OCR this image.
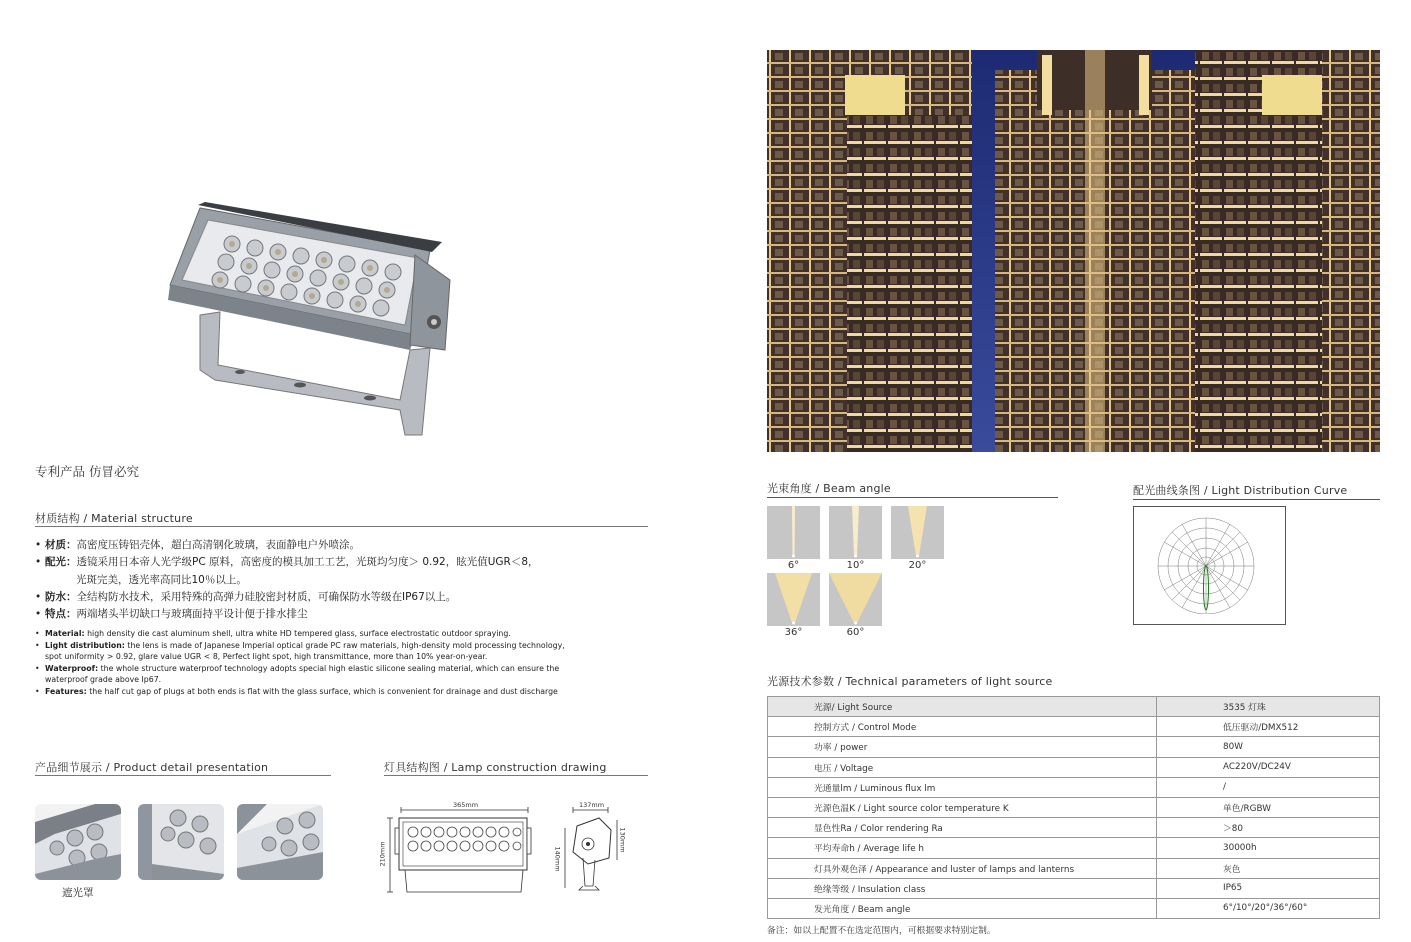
专利产品 仿冒必究
材质结构 / Material structure
• 材质：高密度压铸铝壳体，超白高清钢化玻璃，表面静电户外喷涂。
• 配光：透镜采用日本帝人光学级PC 原料，高密度的模具加工工艺，光斑均匀度＞ 0.92，眩光值UGR＜8，
光斑完美，透光率高同比10％以上。
• 防水：全结构防水技术，采用特殊的高弹力硅胶密封材质，可确保防水等级在IP67以上。
• 特点：两端堵头半切缺口与玻璃面持平设计便于排水排尘
• Material: high density die cast aluminum shell, ultra white HD tempered glass, surface electrostatic outdoor spraying.
• Light distribution: the lens is made of Japanese Imperial optical grade PC raw materials, high-density mold processing technology,
spot uniformity > 0.92, glare value UGR < 8, Perfect light spot, high transmittance, more than 10% year-on-year.
• Waterproof: the whole structure waterproof technology adopts special high elastic silicone sealing material, which can ensure the
waterproof grade above Ip67.
• Features: the half cut gap of plugs at both ends is flat with the glass surface, which is convenient for drainage and dust discharge
产品细节展示 / Product detail presentation
遮光罩
灯具结构图 / Lamp construction drawing
365mm
210mm
137mm
140mm
130mm
光束角度 / Beam angle
6°	10°	20°
36°	60°
配光曲线条图 / Light Distribution Curve
光源技术参数 / Technical parameters of light source
光源/ Light Source	3535 灯珠
控制方式 / Control Mode	低压驱动/DMX512
功率 / power	80W
电压 / Voltage	AC220V/DC24V
光通量lm / Luminous flux lm	/
光源色温K / Light source color temperature K	单色/RGBW
显色性Ra / Color rendering Ra	＞80
平均寿命h / Average life h	30000h
灯具外观色泽 / Appearance and luster of lamps and lanterns	灰色
绝缘等级 / Insulation class	IP65
发光角度 / Beam angle	6°/10°/20°/36°/60°
备注：如以上配置不在选定范围内，可根据要求特别定制。
